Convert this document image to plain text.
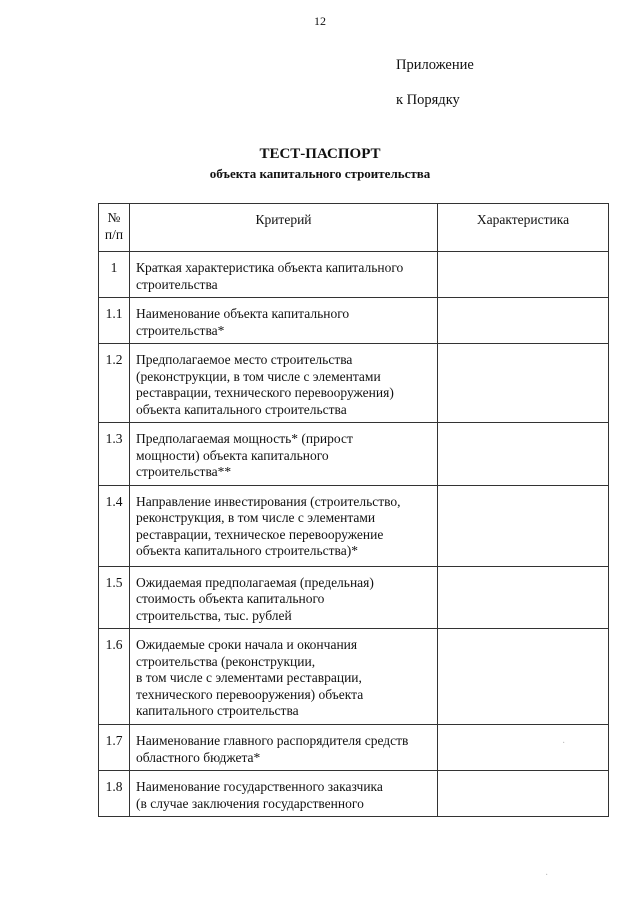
12
Приложение
к Порядку
ТЕСТ-ПАСПОРТ
объекта капитального строительства
№
п/п	Критерий	Характеристика
1	Краткая характеристика объекта капитального
строительства	
1.1	Наименование объекта капитального
строительства*	
1.2	Предполагаемое место строительства
(реконструкции, в том числе с элементами
реставрации, технического перевооружения)
объекта капитального строительства	
1.3	Предполагаемая мощность* (прирост
мощности) объекта капитального
строительства**	
1.4	Направление инвестирования (строительство,
реконструкция, в том числе с элементами
реставрации, техническое перевооружение
объекта капитального строительства)*	
1.5	Ожидаемая предполагаемая (предельная)
стоимость объекта капитального
строительства, тыс. рублей	
1.6	Ожидаемые сроки начала и окончания
строительства (реконструкции,
в том числе с элементами реставрации,
технического перевооружения) объекта
капитального строительства	
1.7	Наименование главного распорядителя средств
областного бюджета*	
1.8	Наименование государственного заказчика
(в случае заключения государственного	
·
·
